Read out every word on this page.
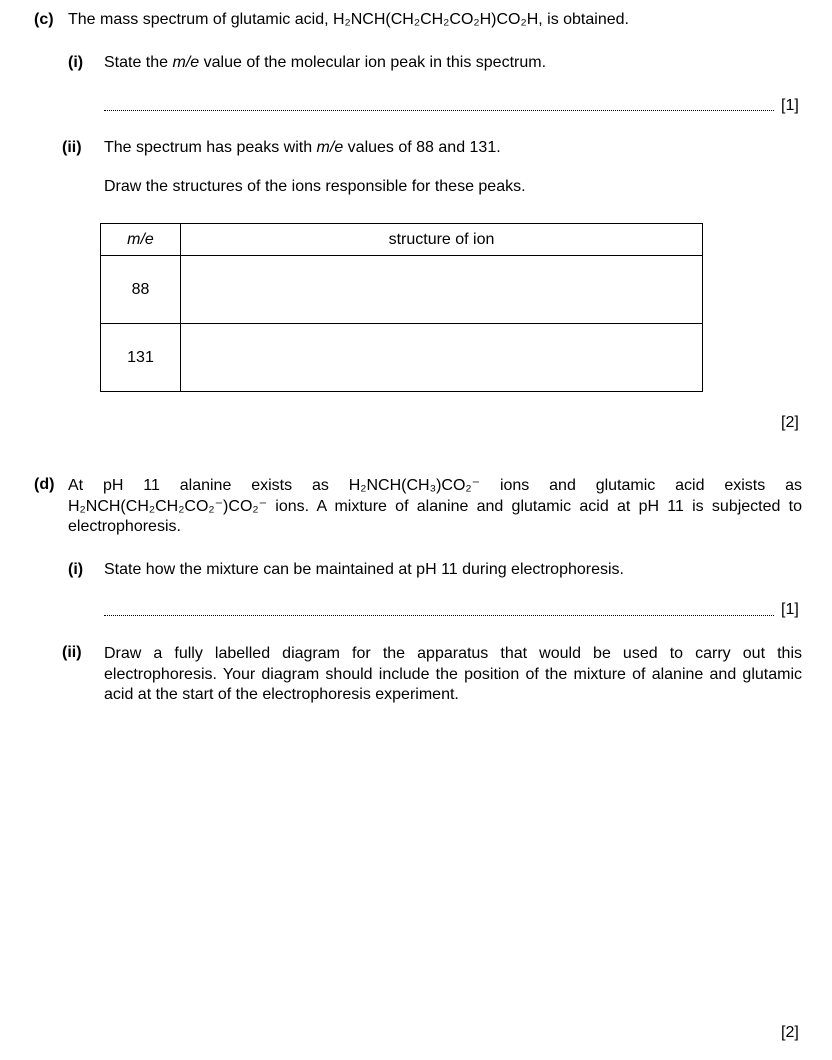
(c) The mass spectrum of glutamic acid, H₂NCH(CH₂CH₂CO₂H)CO₂H, is obtained.
(i) State the m/e value of the molecular ion peak in this spectrum.
[1]
(ii) The spectrum has peaks with m/e values of 88 and 131.
Draw the structures of the ions responsible for these peaks.
m/e	structure of ion
88	
131	
[2]
(d) At pH 11 alanine exists as H₂NCH(CH₃)CO₂⁻ ions and glutamic acid exists as H₂NCH(CH₂CH₂CO₂⁻)CO₂⁻ ions. A mixture of alanine and glutamic acid at pH 11 is subjected to electrophoresis.
(i) State how the mixture can be maintained at pH 11 during electrophoresis.
[1]
(ii) Draw a fully labelled diagram for the apparatus that would be used to carry out this electrophoresis. Your diagram should include the position of the mixture of alanine and glutamic acid at the start of the electrophoresis experiment.
[2]
